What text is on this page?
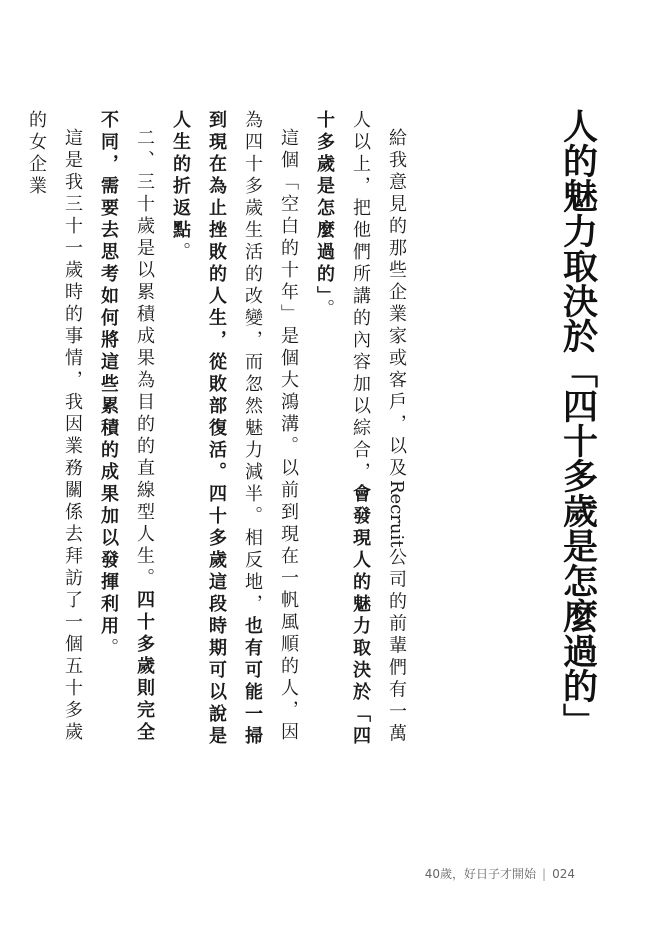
人的魅力取決於「四十多歲是怎麼過的」

給我意見的那些企業家或客戶，以及Recruit公司的前輩們有一萬人以上，把他們所講的內容加以綜合，會發現人的魅力取決於「四十多歲是怎麼過的」。

這個「空白的十年」是個大鴻溝。以前到現在一帆風順的人，因為四十多歲生活的改變，而忽然魅力減半。相反地，也有可能一掃到現在為止挫敗的人生，從敗部復活。四十多歲這段時期可以說是人生的折返點。

二、三十歲是以累積成果為目的的直線型人生。四十多歲則完全不同，需要去思考如何將這些累積的成果加以發揮利用。

這是我三十一歲時的事情，我因業務關係去拜訪了一個五十多歲的女企業

40歲，好日子才開始 | 024
